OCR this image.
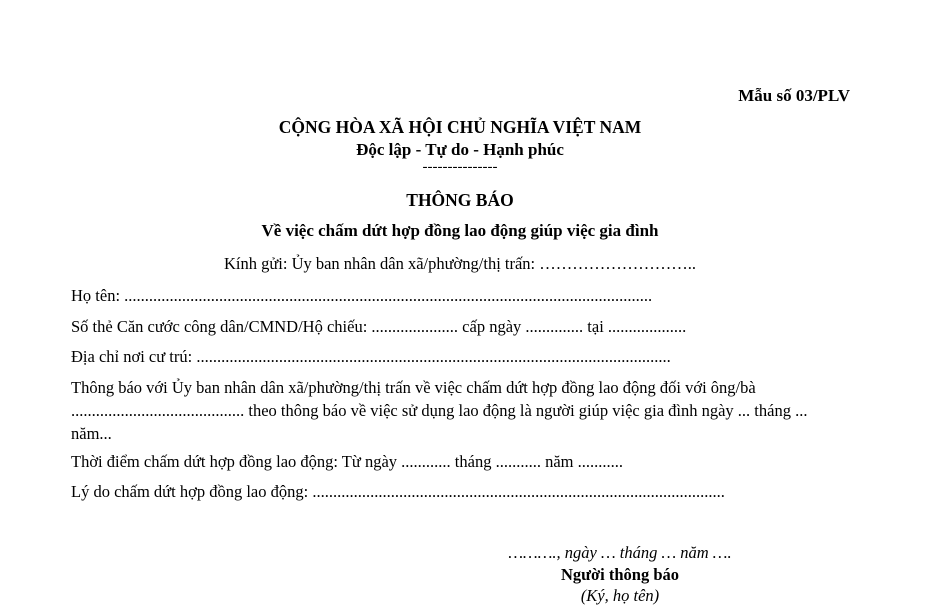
Mẫu số 03/PLV
CỘNG HÒA XÃ HỘI CHỦ NGHĨA VIỆT NAM
Độc lập - Tự do - Hạnh phúc
---------------
THÔNG BÁO
Về việc chấm dứt hợp đồng lao động giúp việc gia đình
Kính gửi: Ủy ban nhân dân xã/phường/thị trấn: ………………………..
Họ tên: ................................................................................................................................
Số thẻ Căn cước công dân/CMND/Hộ chiếu: ..................... cấp ngày .............. tại ...................
Địa chỉ nơi cư trú: ...................................................................................................................
Thông báo với Ủy ban nhân dân xã/phường/thị trấn về việc chấm dứt hợp đồng lao động đối với ông/bà .......................................... theo thông báo về việc sử dụng lao động là người giúp việc gia đình ngày ... tháng ... năm...
Thời điểm chấm dứt hợp đồng lao động: Từ ngày ............ tháng ........... năm ...........
Lý do chấm dứt hợp đồng lao động: ....................................................................................................
………., ngày … tháng … năm ….
Người thông báo
(Ký, họ tên)
